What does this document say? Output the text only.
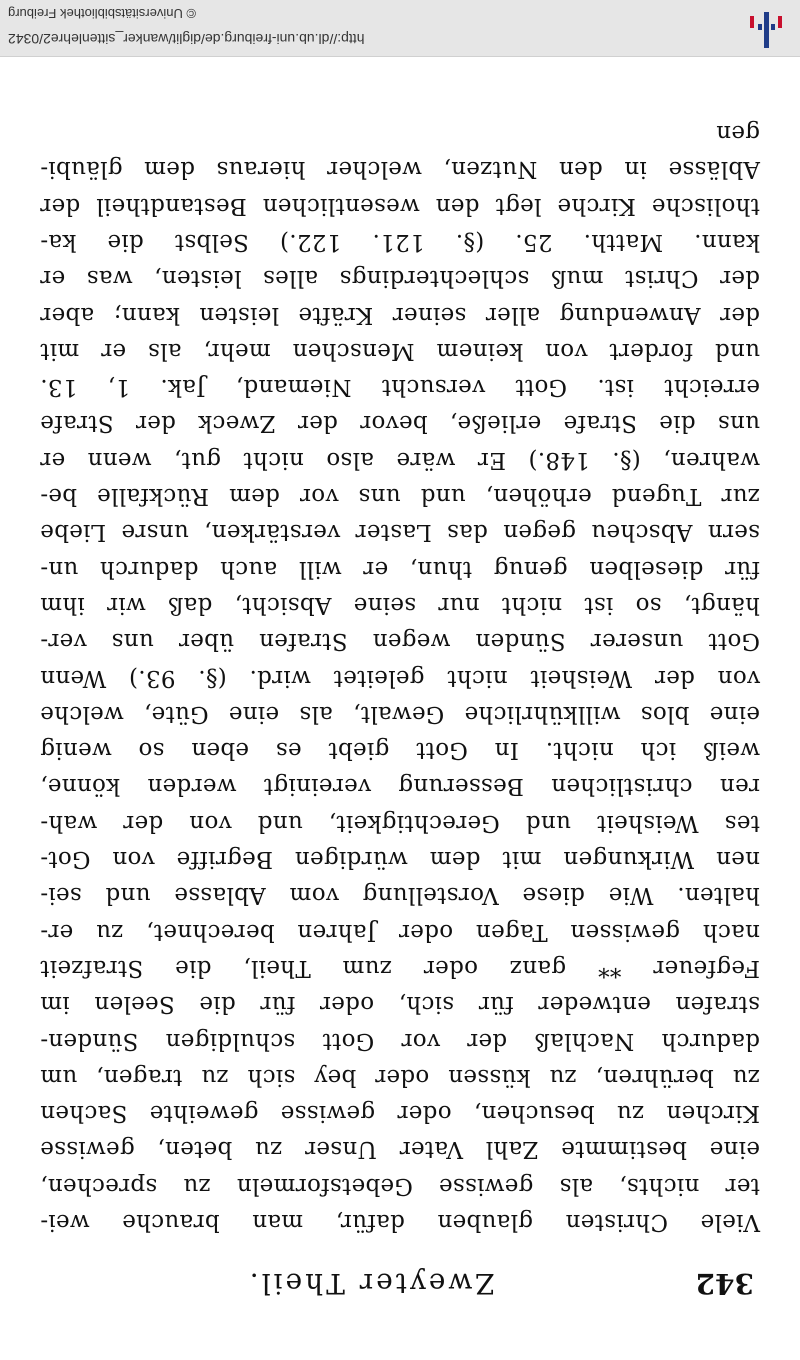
© Universitätsbibliothek Freiburg
http://dl.ub.uni-freiburg.de/diglit/wanker_sittenlehre2/0342
342
Zweyter Theil.
Viele Christen glauben dafür, man brauche wei-
ter nichts, als gewisse Gebetsformeln zu sprechen,
eine bestimmte Zahl Vater Unser zu beten, gewisse
Kirchen zu besuchen, oder gewisse geweihte Sachen
zu berühren, zu küssen oder bey sich zu tragen, um
dadurch Nachlaß der vor Gott schuldigen Sünden-
strafen entweder für sich, oder für die Seelen im
Fegfeuer ** ganz oder zum Theil, die Strafzeit
nach gewissen Tagen oder Jahren berechnet, zu er-
halten. Wie diese Vorstellung vom Ablasse und sei-
nen Wirkungen mit dem würdigen Begriffe von Got-
tes Weisheit und Gerechtigkeit, und von der wah-
ren christlichen Besserung vereinigt werden könne,
weiß ich nicht. In Gott giebt es eben so wenig
eine blos willkührliche Gewalt, als eine Güte, welche
von der Weisheit nicht geleitet wird. (§. 93.) Wenn
Gott unserer Sünden wegen Strafen über uns ver-
hängt, so ist nicht nur seine Absicht, daß wir ihm
für dieselben genug thun, er will auch dadurch un-
sern Abscheu gegen das Laster verstärken, unsre Liebe
zur Tugend erhöhen, und uns vor dem Rückfalle be-
wahren, (§. 148.) Er wäre also nicht gut, wenn er
uns die Strafe erließe, bevor der Zweck der Strafe
erreicht ist. Gott versucht Niemand, Jak. 1, 13.
und fordert von keinem Menschen mehr, als er mit
der Anwendung aller seiner Kräfte leisten kann; aber
der Christ muß schlechterdings alles leisten, was er
kann. Matth. 25. (§. 121. 122.) Selbst die ka-
tholische Kirche legt den wesentlichen Bestandtheil der
Ablässe in den Nutzen, welcher hieraus dem gläubi-
gen
